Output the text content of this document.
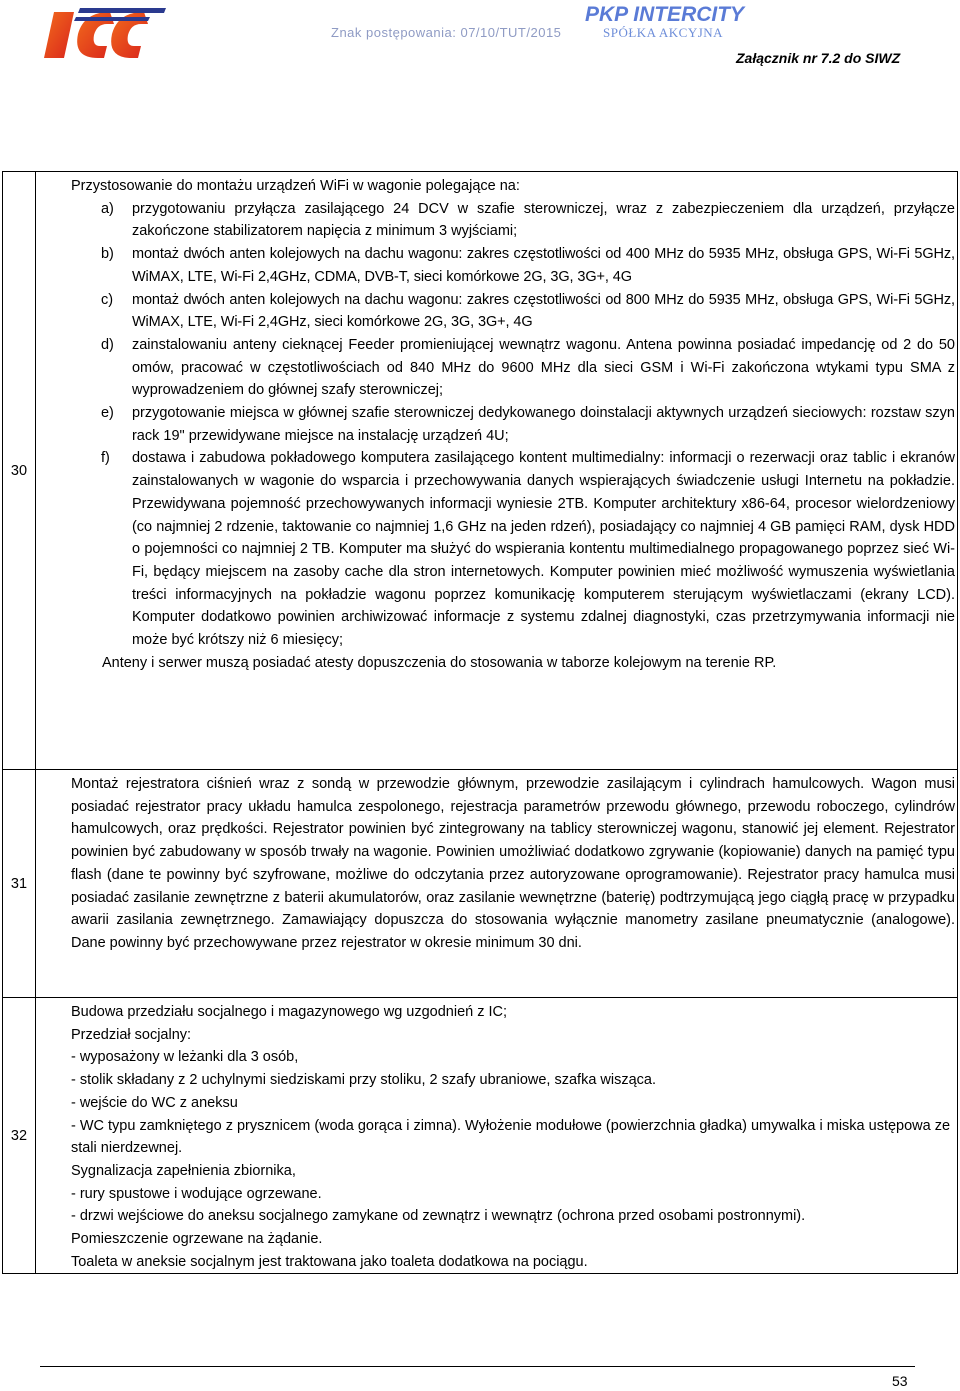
Znak postępowania: 07/10/TUT/2015
PKP INTERCITY
SPÓŁKA AKCYJNA
Załącznik nr 7.2 do SIWZ
30
Przystosowanie do montażu urządzeń WiFi w wagonie polegające na:
a)	przygotowaniu przyłącza zasilającego 24 DCV w szafie sterowniczej, wraz z zabezpieczeniem dla urządzeń, przyłącze zakończone stabilizatorem napięcia z minimum 3 wyjściami;
b)	montaż dwóch anten kolejowych na dachu wagonu: zakres częstotliwości od 400 MHz do 5935 MHz, obsługa GPS, Wi-Fi 5GHz, WiMAX, LTE, Wi-Fi 2,4GHz, CDMA, DVB-T, sieci komórkowe 2G, 3G, 3G+, 4G
c)	montaż dwóch anten kolejowych na dachu wagonu: zakres częstotliwości od 800 MHz do 5935 MHz, obsługa GPS, Wi-Fi 5GHz, WiMAX, LTE, Wi-Fi 2,4GHz, sieci komórkowe 2G, 3G, 3G+, 4G
d)	zainstalowaniu anteny cieknącej Feeder promieniującej wewnątrz wagonu. Antena powinna posiadać impedancję od 2 do 50 omów, pracować w częstotliwościach od 840 MHz do 9600 MHz dla sieci GSM i Wi-Fi zakończona wtykami typu SMA z wyprowadzeniem do głównej szafy sterowniczej;
e)	przygotowanie miejsca w głównej szafie sterowniczej dedykowanego doinstalacji aktywnych urządzeń sieciowych: rozstaw szyn rack 19" przewidywane miejsce na instalację urządzeń 4U;
f)	dostawa i zabudowa pokładowego komputera zasilającego kontent multimedialny: informacji o rezerwacji oraz tablic i ekranów zainstalowanych w wagonie do wsparcia i przechowywania danych wspierających świadczenie usługi Internetu na pokładzie. Przewidywana pojemność przechowywanych informacji wyniesie 2TB. Komputer architektury x86-64, procesor wielordzeniowy (co najmniej 2 rdzenie, taktowanie co najmniej 1,6 GHz na jeden rdzeń), posiadający co najmniej 4 GB pamięci RAM, dysk HDD o pojemności co najmniej 2 TB. Komputer ma służyć do wspierania kontentu multimedialnego propagowanego poprzez sieć Wi-Fi, będący miejscem na zasoby cache dla stron internetowych. Komputer powinien mieć możliwość wymuszenia wyświetlania treści informacyjnych na pokładzie wagonu poprzez komunikację komputerem sterującym wyświetlaczami (ekrany LCD). Komputer dodatkowo powinien archiwizować informacje z systemu zdalnej diagnostyki, czas przetrzymywania informacji nie może być krótszy niż 6 miesięcy;
Anteny i serwer muszą posiadać atesty dopuszczenia do stosowania w taborze kolejowym na terenie RP.
31
Montaż rejestratora ciśnień wraz z sondą w przewodzie głównym, przewodzie zasilającym i cylindrach hamulcowych. Wagon musi posiadać rejestrator pracy układu hamulca zespolonego, rejestracja parametrów przewodu głównego, przewodu roboczego, cylindrów hamulcowych, oraz prędkości. Rejestrator powinien być zintegrowany na tablicy sterowniczej wagonu, stanowić jej element. Rejestrator powinien być zabudowany w sposób trwały na wagonie. Powinien umożliwiać dodatkowo zgrywanie (kopiowanie) danych na pamięć typu flash (dane te powinny być szyfrowane, możliwe do odczytania przez autoryzowane oprogramowanie). Rejestrator pracy hamulca musi posiadać zasilanie zewnętrzne z baterii akumulatorów, oraz zasilanie wewnętrzne (baterię) podtrzymującą jego ciągłą pracę w przypadku awarii zasilania zewnętrznego. Zamawiający dopuszcza do stosowania wyłącznie manometry zasilane pneumatycznie (analogowe). Dane powinny być przechowywane przez rejestrator w okresie minimum 30 dni.
32
Budowa przedziału socjalnego i magazynowego wg uzgodnień z IC;
Przedział socjalny:
- wyposażony w leżanki dla 3 osób,
- stolik składany z 2 uchylnymi siedziskami przy stoliku, 2 szafy ubraniowe, szafka wisząca.
- wejście do WC z aneksu
- WC typu zamkniętego z prysznicem (woda gorąca i zimna). Wyłożenie modułowe (powierzchnia gładka) umywalka i miska ustępowa ze stali nierdzewnej.
Sygnalizacja zapełnienia zbiornika,
- rury spustowe i wodujące ogrzewane.
- drzwi wejściowe do aneksu socjalnego zamykane od zewnątrz i wewnątrz (ochrona przed osobami postronnymi).
Pomieszczenie ogrzewane na żądanie.
Toaleta w aneksie socjalnym jest traktowana jako toaleta dodatkowa na pociągu.
53
